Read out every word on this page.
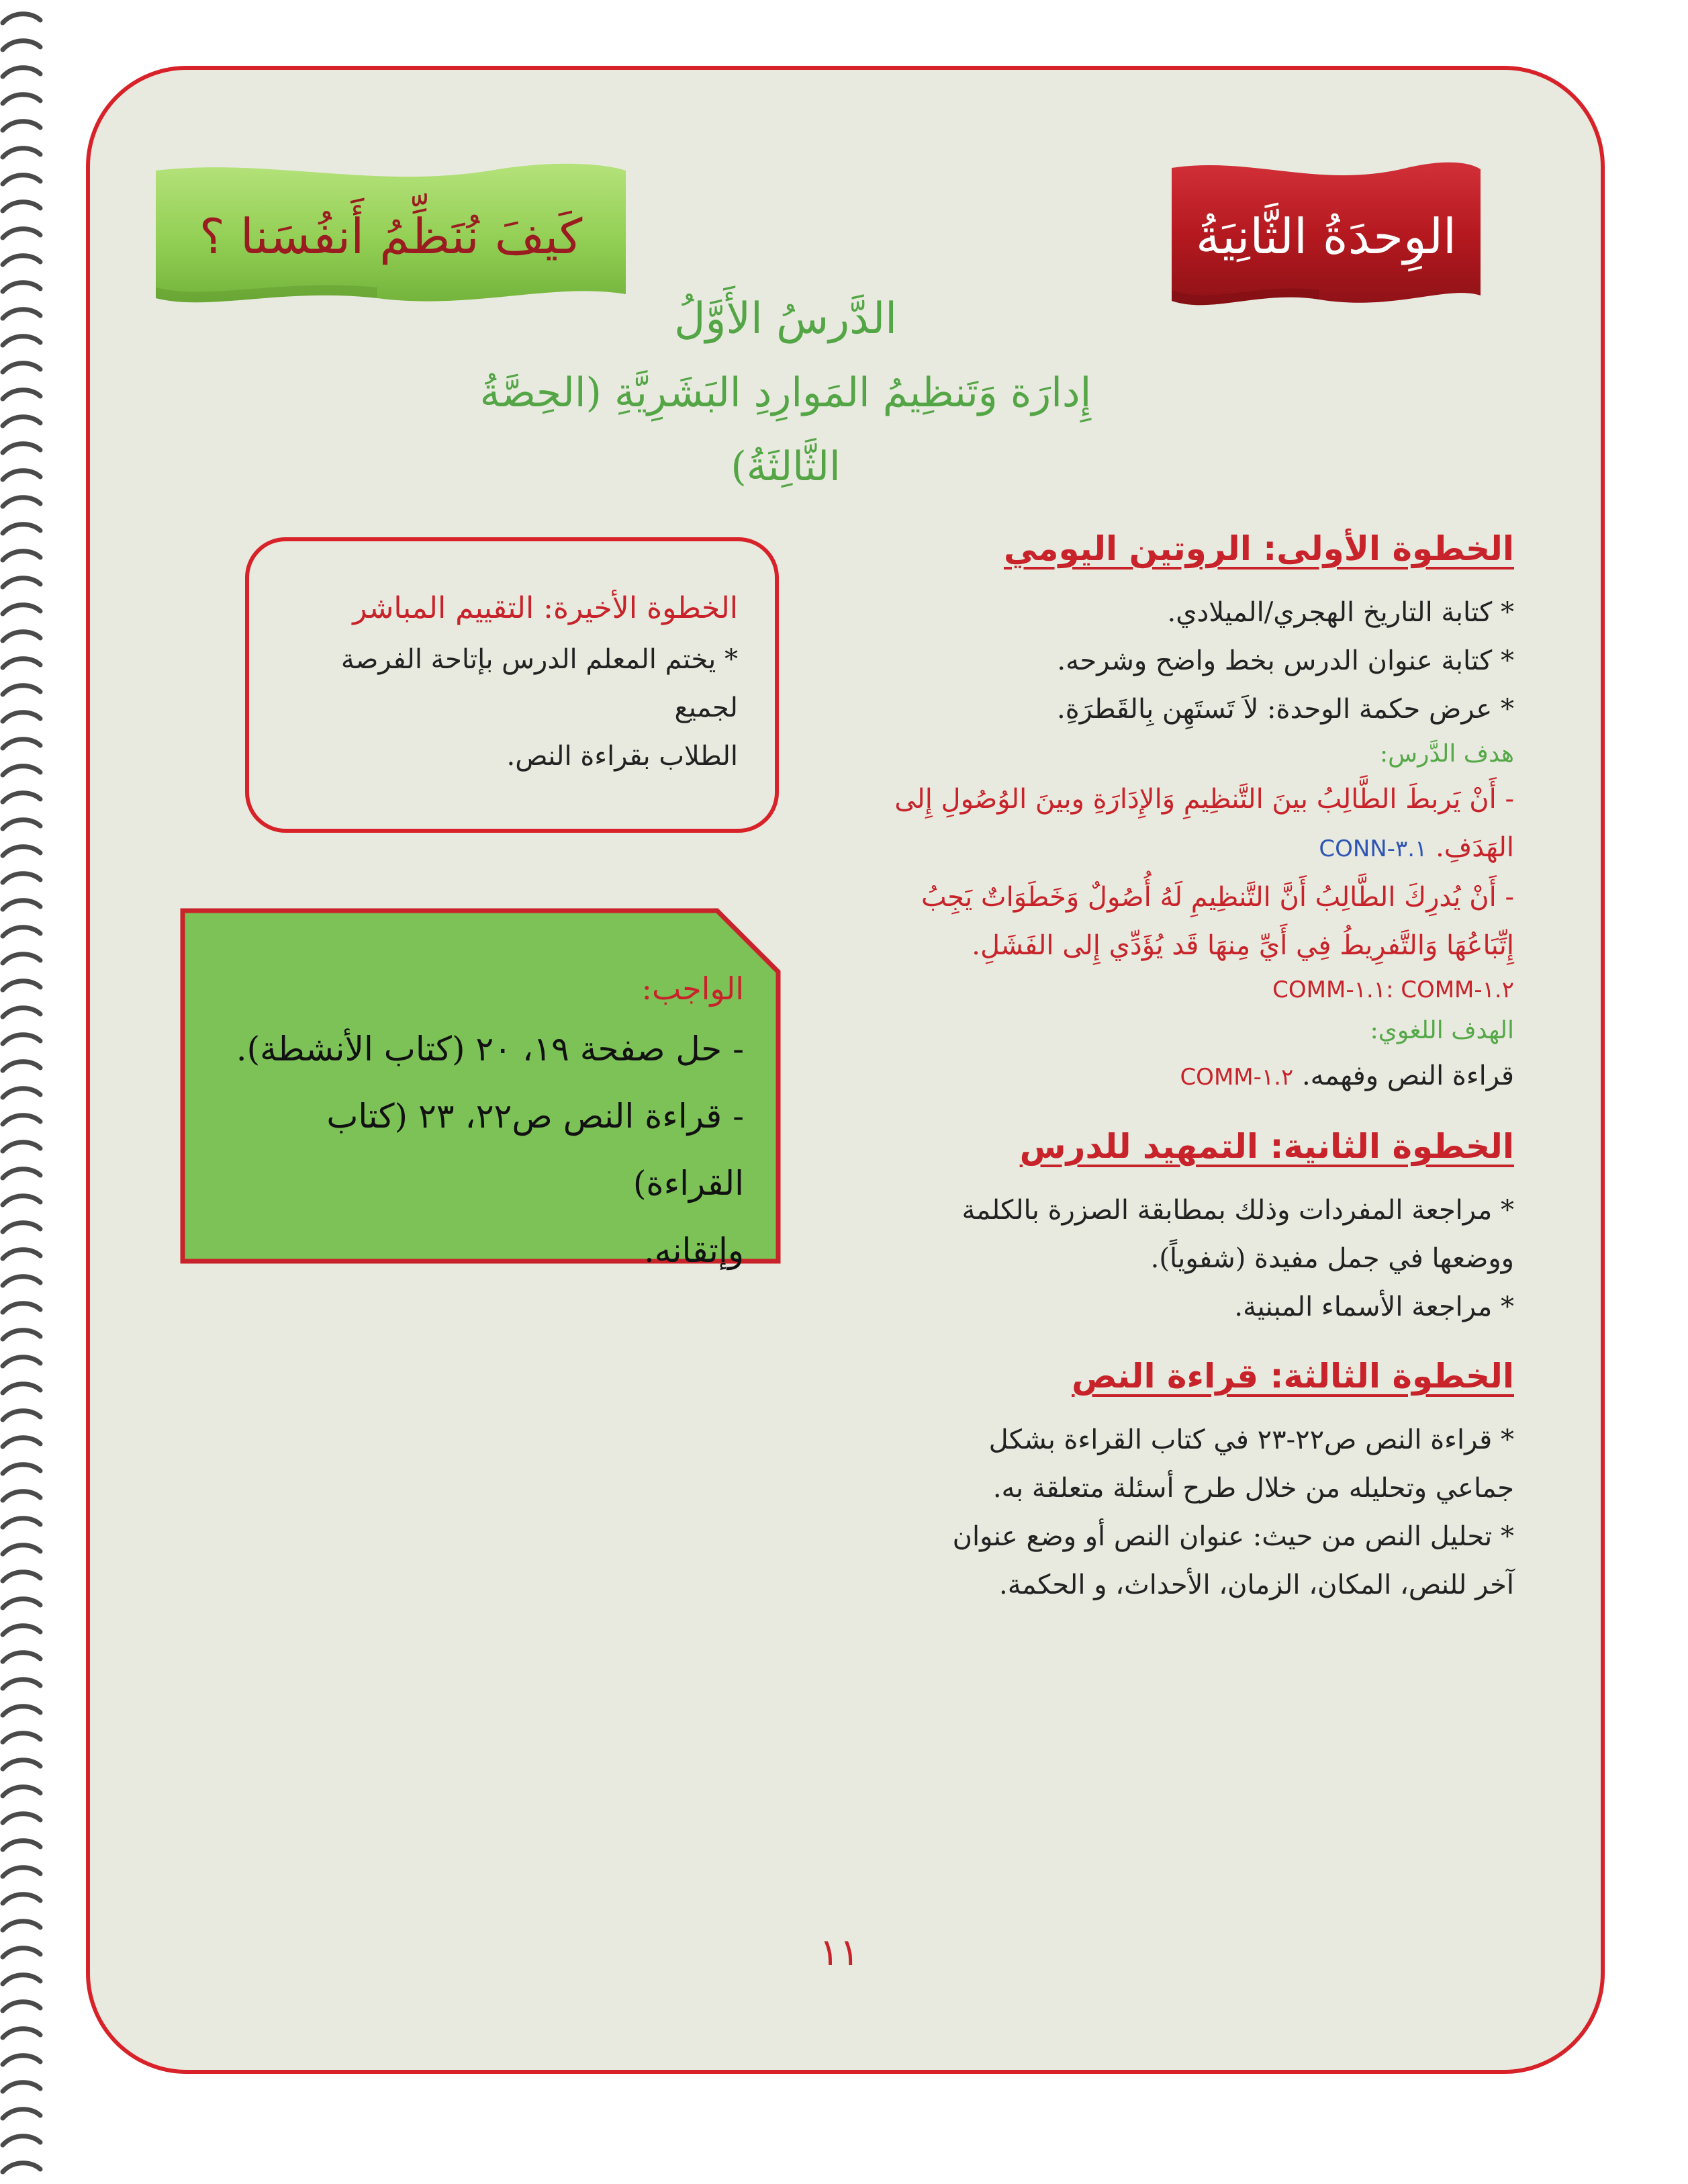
الوِحدَةُ الثَّانِيَةُ
كَيفَ نُنَظِّمُ أَنفُسَنا ؟
الدَّرسُ الأَوَّلُ
إِدارَة وَتَنظِيمُ المَوارِدِ البَشَرِيَّةِ (الحِصَّةُ الثَّالِثَةُ)
الخطوة الأولى: الروتين اليومي
* كتابة التاريخ الهجري/الميلادي.
* كتابة عنوان الدرس بخط واضح وشرحه.
* عرض حكمة الوحدة: لاَ تَستَهِن بِالقَطرَةِ.
هدف الدَّرس:
- أَنْ يَربطَ الطَّالِبُ بينَ التَّنظِيمِ وَالإِدَارَةِ وبينَ الوُصُولِ إِلى
الهَدَفِ. CONN-٣.١
- أَنْ يُدرِكَ الطَّالِبُ أَنَّ التَّنظِيمِ لَهُ أُصُولٌ وَخَطَوَاتٌ يَجِبُ
إِتِّبَاعُهَا وَالتَّفرِيطُ فِي أَيِّ مِنهَا قَد يُؤَدِّي إِلى الفَشَلِ.
COMM-١.١: COMM-١.٢
الهدف اللغوي:
قراءة النص وفهمه. COMM-١.٢
الخطوة الثانية: التمهيد للدرس
* مراجعة المفردات وذلك بمطابقة الصزرة بالكلمة
ووضعها في جمل مفيدة (شفوياً).
* مراجعة الأسماء المبنية.
الخطوة الثالثة: قراءة النص
* قراءة النص ص٢٢-٢٣ في كتاب القراءة بشكل
جماعي وتحليله من خلال طرح أسئلة متعلقة به.
* تحليل النص من حيث: عنوان النص أو وضع عنوان
آخر للنص، المكان، الزمان، الأحداث، و الحكمة.
الخطوة الأخيرة: التقييم المباشر
* يختم المعلم الدرس بإتاحة الفرصة لجميع
الطلاب بقراءة النص.
الواجب:
- حل صفحة ١٩، ٢٠ (كتاب الأنشطة).
- قراءة النص ص٢٢، ٢٣ (كتاب القراءة)
وإتقانه.
١١
